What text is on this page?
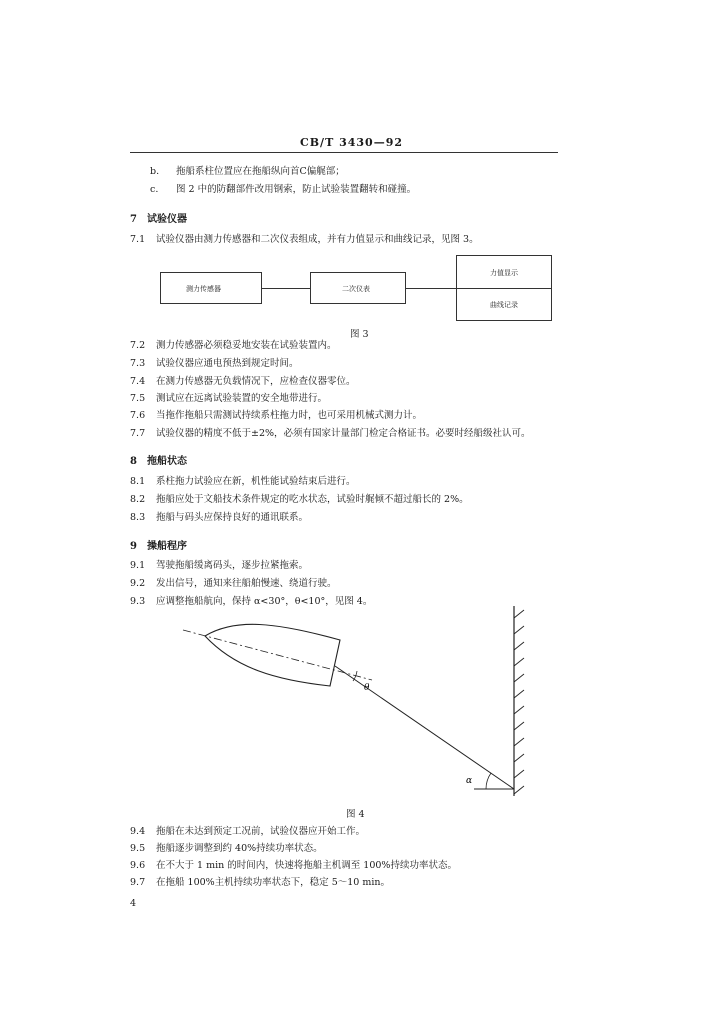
CB/T 3430—92
b. 拖船系柱位置应在拖船纵向首C偏艉部；
c. 图 2 中的防翻部件改用钢索，防止试验装置翻转和碰撞。
7　试验仪器
7.1 试验仪器由测力传感器和二次仪表组成，并有力值显示和曲线记录，见图 3。
测力传感器	二次仪表
力值显示
曲线记录
图 3
7.2 测力传感器必须稳妥地安装在试验装置内。
7.3 试验仪器应通电预热到规定时间。
7.4 在测力传感器无负载情况下，应检查仪器零位。
7.5 测试应在远离试验装置的安全地带进行。
7.6 当拖作拖船只需测试持续系柱拖力时，也可采用机械式测力计。
7.7 试验仪器的精度不低于±2%，必须有国家计量部门检定合格证书。必要时经船级社认可。
8　拖船状态
8.1 系柱拖力试验应在新，机性能试验结束后进行。
8.2 拖船应处于文船技术条件规定的吃水状态，试验时艉倾不超过船长的 2%。
8.3 拖船与码头应保持良好的通讯联系。
9　操船程序
9.1 驾驶拖船缓离码头，逐步拉紧拖索。
9.2 发出信号，通知来往船舶慢速、绕道行驶。
9.3 应调整拖船航向，保持 α<30°，θ<10°，见图 4。
θ
α
图 4
9.4 拖船在未达到预定工况前，试验仪器应开始工作。
9.5 拖船逐步调整到约 40%持续功率状态。
9.6 在不大于 1 min 的时间内，快速将拖船主机调至 100%持续功率状态。
9.7 在拖船 100%主机持续功率状态下，稳定 5～10 min。
4
